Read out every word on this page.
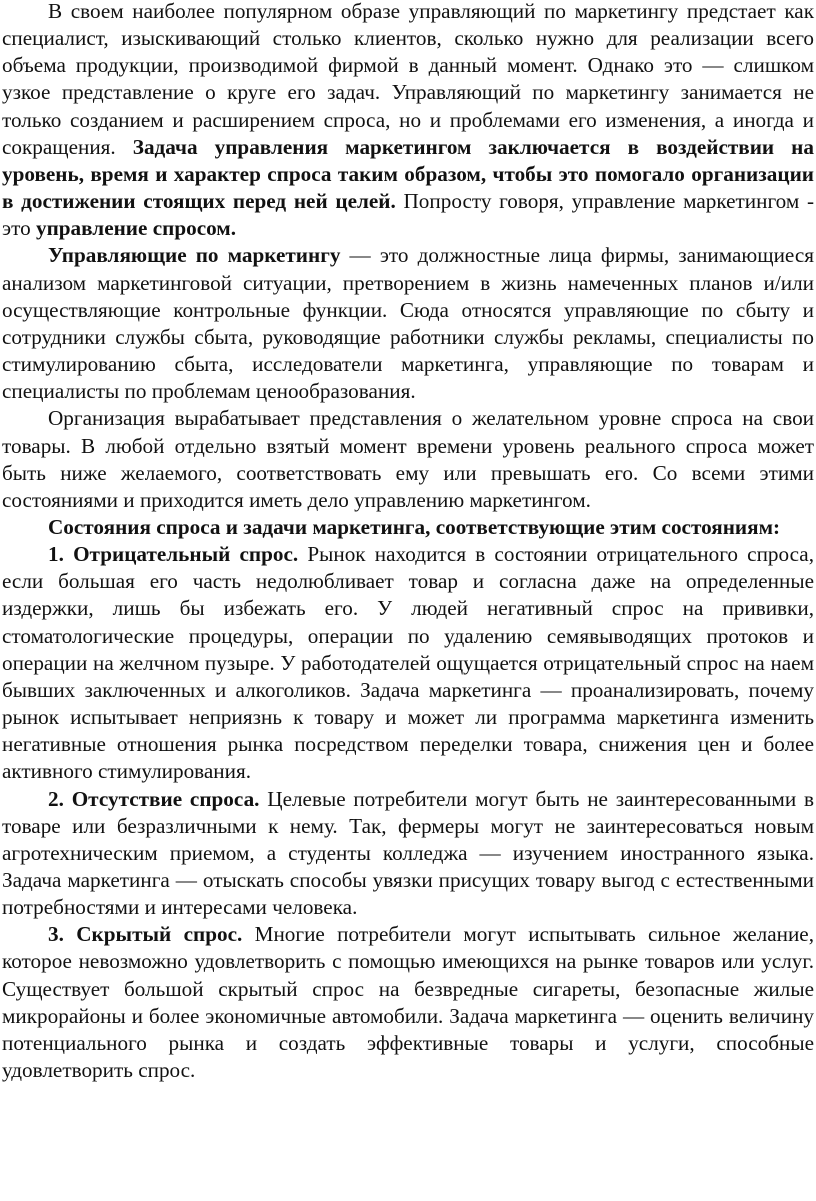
В своем наиболее популярном образе управляющий по маркетингу предстает как специалист, изыскивающий столько клиентов, сколько нужно для реализации всего объема продукции, производимой фирмой в данный момент. Однако это — слишком узкое представление о круге его задач. Управляющий по маркетингу занимается не только созданием и расширением спроса, но и проблемами его изменения, а иногда и сокращения. Задача управления маркетингом заключается в воздействии на уровень, время и характер спроса таким образом, чтобы это помогало организации в достижении стоящих перед ней целей. Попросту говоря, управление маркетингом - это управление спросом.

Управляющие по маркетингу — это должностные лица фирмы, занимающиеся анализом маркетинговой ситуации, претворением в жизнь намеченных планов и/или осуществляющие контрольные функции. Сюда относятся управляющие по сбыту и сотрудники службы сбыта, руководящие работники службы рекламы, специалисты по стимулированию сбыта, исследователи маркетинга, управляющие по товарам и специалисты по проблемам ценообразования.

Организация вырабатывает представления о желательном уровне спроса на свои товары. В любой отдельно взятый момент времени уровень реального спроса может быть ниже желаемого, соответствовать ему или превышать его. Со всеми этими состояниями и приходится иметь дело управлению маркетингом.

Состояния спроса и задачи маркетинга, соответствующие этим состояниям:

1. Отрицательный спрос. Рынок находится в состоянии отрицательного спроса, если большая его часть недолюбливает товар и согласна даже на определенные издержки, лишь бы избежать его. У людей негативный спрос на прививки, стоматологические процедуры, операции по удалению семявыводящих протоков и операции на желчном пузыре. У работодателей ощущается отрицательный спрос на наем бывших заключенных и алкоголиков. Задача маркетинга — проанализировать, почему рынок испытывает неприязнь к товару и может ли программа маркетинга изменить негативные отношения рынка посредством переделки товара, снижения цен и более активного стимулирования.

2. Отсутствие спроса. Целевые потребители могут быть не заинтересованными в товаре или безразличными к нему. Так, фермеры могут не заинтересоваться новым агротехническим приемом, а студенты колледжа — изучением иностранного языка. Задача маркетинга — отыскать способы увязки присущих товару выгод с естественными потребностями и интересами человека.

3. Скрытый спрос. Многие потребители могут испытывать сильное желание, которое невозможно удовлетворить с помощью имеющихся на рынке товаров или услуг. Существует большой скрытый спрос на безвредные сигареты, безопасные жилые микрорайоны и более экономичные автомобили. Задача маркетинга — оценить величину потенциального рынка и создать эффективные товары и услуги, способные удовлетворить спрос.
